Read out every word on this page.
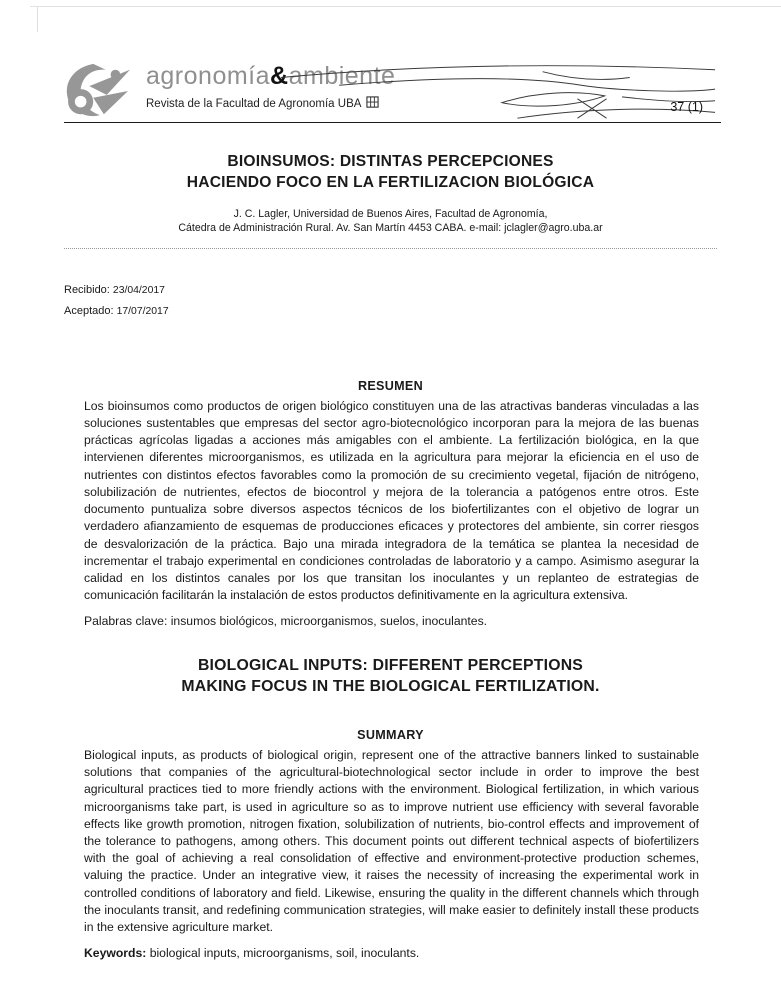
agronomía&ambiente
Revista de la Facultad de Agronomía UBA	37 (1)
BIOINSUMOS: DISTINTAS PERCEPCIONES
HACIENDO FOCO EN LA FERTILIZACION BIOLÓGICA
J. C. Lagler, Universidad de Buenos Aires, Facultad de Agronomía,
Cátedra de Administración Rural. Av. San Martín 4453 CABA. e-mail: jclagler@agro.uba.ar
Recibido: 23/04/2017
Aceptado: 17/07/2017
RESUMEN

Los bioinsumos como productos de origen biológico constituyen una de las atractivas banderas vinculadas a las soluciones sustentables que empresas del sector agro-biotecnológico incorporan para la mejora de las buenas prácticas agrícolas ligadas a acciones más amigables con el ambiente. La fertilización biológica, en la que intervienen diferentes microorganismos, es utilizada en la agricultura para mejorar la eficiencia en el uso de nutrientes con distintos efectos favorables como la promoción de su crecimiento vegetal, fijación de nitrógeno, solubilización de nutrientes, efectos de biocontrol y mejora de la tolerancia a patógenos entre otros. Este documento puntualiza sobre diversos aspectos técnicos de los biofertilizantes con el objetivo de lograr un verdadero afianzamiento de esquemas de producciones eficaces y protectores del ambiente, sin correr riesgos de desvalorización de la práctica. Bajo una mirada integradora de la temática se plantea la necesidad de incrementar el trabajo experimental en condiciones controladas de laboratorio y a campo. Asimismo asegurar la calidad en los distintos canales por los que transitan los inoculantes y un replanteo de estrategias de comunicación facilitarán la instalación de estos productos definitivamente en la agricultura extensiva.

Palabras clave: insumos biológicos, microorganismos, suelos, inoculantes.

BIOLOGICAL INPUTS: DIFFERENT PERCEPTIONS
MAKING FOCUS IN THE BIOLOGICAL FERTILIZATION.
SUMMARY

Biological inputs, as products of biological origin, represent one of the attractive banners linked to sustainable solutions that companies of the agricultural-biotechnological sector include in order to improve the best agricultural practices tied to more friendly actions with the environment. Biological fertilization, in which various microorganisms take part, is used in agriculture so as to improve nutrient use efficiency with several favorable effects like growth promotion, nitrogen fixation, solubilization of nutrients, bio-control effects and improvement of the tolerance to pathogens, among others. This document points out different technical aspects of biofertilizers with the goal of achieving a real consolidation of effective and environment-protective production schemes, valuing the practice. Under an integrative view, it raises the necessity of increasing the experimental work in controlled conditions of laboratory and field. Likewise, ensuring the quality in the different channels which through the inoculants transit, and redefining communication strategies, will make easier to definitely install these products in the extensive agriculture market.

Keywords: biological inputs, microorganisms, soil, inoculants.
